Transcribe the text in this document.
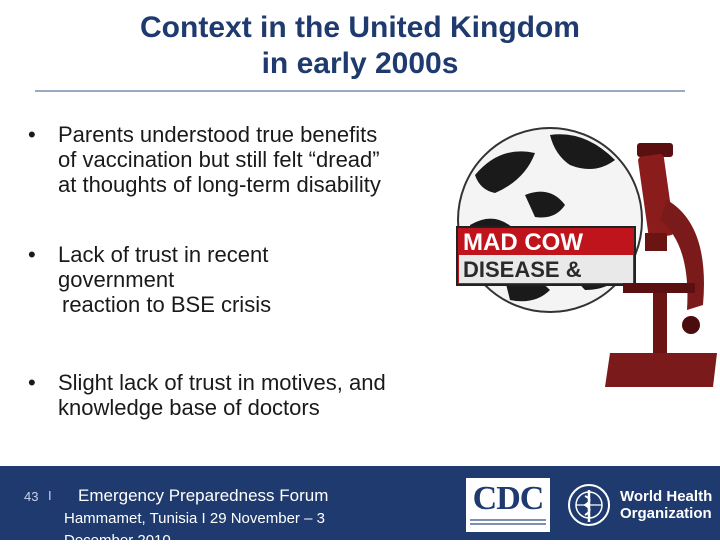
Context in the United Kingdom
in early 2000s
•	Parents understood true benefits
of vaccination but still felt “dread”
at thoughts of long-term disability
•	Lack of trust in recent
government
reaction to BSE crisis
•	Slight lack of trust in motives, and
knowledge base of doctors
MAD COW
DISEASE &
43 I Emergency Preparedness Forum
Hammamet, Tunisia I 29 November – 3
December 2010
CDC	World Health
Organization
